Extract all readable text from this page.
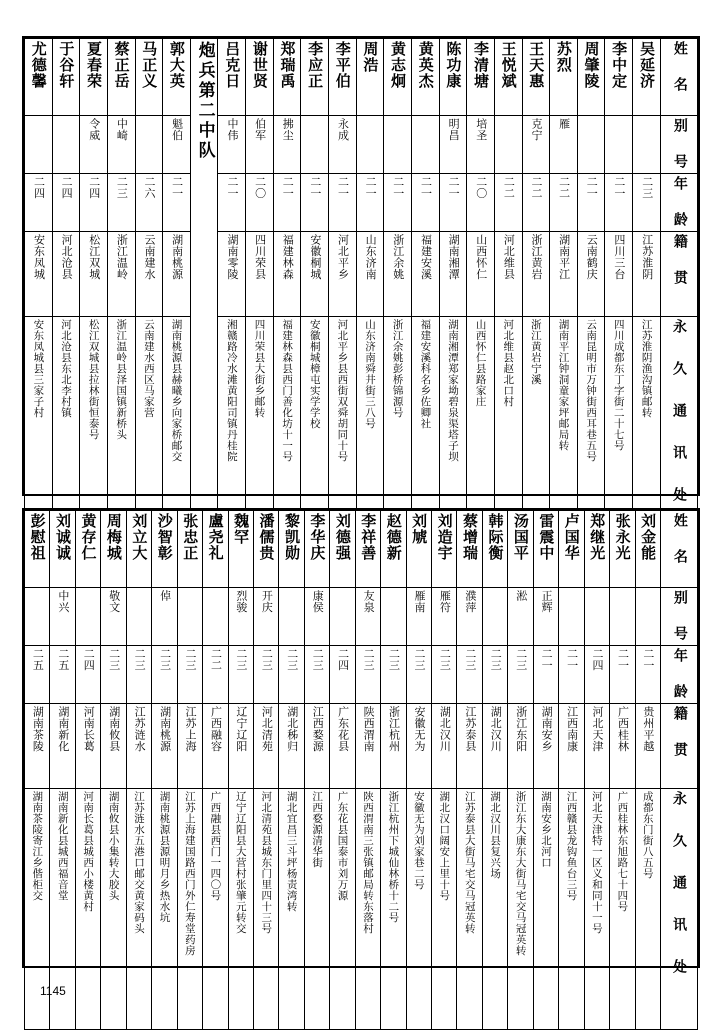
尤德馨	于谷轩	夏春荣	蔡正岳	马正义	郭大英	炮兵第二中队	吕克日	谢世贤	郑瑞禹	李应正	李平伯	周浩	黄志炯	黄英杰	陈功康	李清塘	王悦斌	王天惠	苏烈	周肇陵	李中定	吴延济	姓 名

		令威	中崎		魁伯		中伟	伯军	拂尘		永成				明昌	培圣		克宁	雁				别 号

二四	二四	二四	二三	二六	二一		二一	二〇	二一	二一	二一	二一	二一	二一	二一	二〇	二二	二二	二二	二一	二一	二三	年 龄

安东凤城	河北沧县	松江双城	浙江温岭	云南建水	湖南桃源		湖南零陵	四川荣县	福建林森	安徽桐城	河北平乡	山东济南	浙江余姚	福建安溪	湖南湘潭	山西怀仁	河北维县	浙江黄岩	湖南平江	云南鹤庆	四川三台	江苏淮阴	籍 贯

安东凤城县三家子村	河北沧县东北李村镇	松江双城县拉林街恒泰号	浙江温岭县泽国镇新桥头	云南建水西区马家营	湖南桃源县赫曦乡向家桥邮交		湘赣路冷水滩黄阳司镇丹桂院	四川荣县大街乡邮转	福建林森县西门善化坊十一号	安徽桐城樟屯实学学校	河北平乡县西街双舜胡同十号	山东济南舜井街三八号	浙江余姚彭桥锦源号	福建安溪科名乡佐卿社	湖南湘潭郑家坳碧泉渠塔子坝	山西怀仁县路家庄	河北维县赵北口村	浙江黄岩宁溪	湖南平江钟洞童家坪邮局转	云南昆明市万钟街西耳巷五号	四川成都东丁字街二十七号	江苏淮阴渔沟镇邮转	永 久 通 讯 处
彭慰祖	刘诚诚	黄存仁	周梅城	刘立大	沙智彰	张忠正	盧尧礼	魏罕	潘儒贵	黎凯勋	李华庆	刘德强	李祥善	赵德新	刘虓	刘造宇	蔡增瑞	韩际衡	汤国平	雷震中	卢国华	郑继光	张永光	刘金能	姓 名

	中兴		敬文		倬			烈骏	开庆		康侯		友泉		雁南	雁符	濮萍		淞	正辉					别 号

二五	二五	二四	二三	二三	二三	二三	二二	二三	二三	二三	二三	二四	二三	二三	二三	二三	二三	二三	二三	二一	二一	二四	二一	二一	年 龄

湖南茶陵	湖南新化	河南长葛	湖南攸县	江苏涟水	湖南桃源	江苏上海	广西融容	辽宁辽阳	河北清苑	湖北秭归	江西婺源	广东花县	陕西渭南	浙江杭州	安徽无为	湖北汉川	江苏泰县	湖北汉川	浙江东阳	湖南安乡	江西南康	河北天津	广西桂林	贵州平越	籍 贯

湖南茶陵寄江乡偕柜交	湖南新化县城西福音堂	河南长葛县城西小楼黄村	湖南攸县小集转大胶头	江苏涟水五港口邮交黄家码头	湖南桃源县源明月乡热水坑	江苏上海建国路西门外仁寿堂药房	广西融县西门一四〇号	辽宁辽阳县大营村张肇元转交	河北清苑县城东门里四十三号	湖北宜昌三斗坪杨责湾转	江西婺源清华街	广东花县国泰市刘万源	陕西渭南三张镇邮局转东落村	浙江杭州下城仙林桥十二号	安徽无为刘家巷二号	湖北汉口阔安上里十号	江苏泰县大街马宅交马冠英转	湖北汉川县复兴场	浙江东大康东大街马宅交马冠英转	湖南安乡北河口	江西赣县龙钩鱼台三号	河北天津特一区义和同十一号	广西桂林东旭路七十四号	成都东门街八五号	永 久 通 讯 处
1145
